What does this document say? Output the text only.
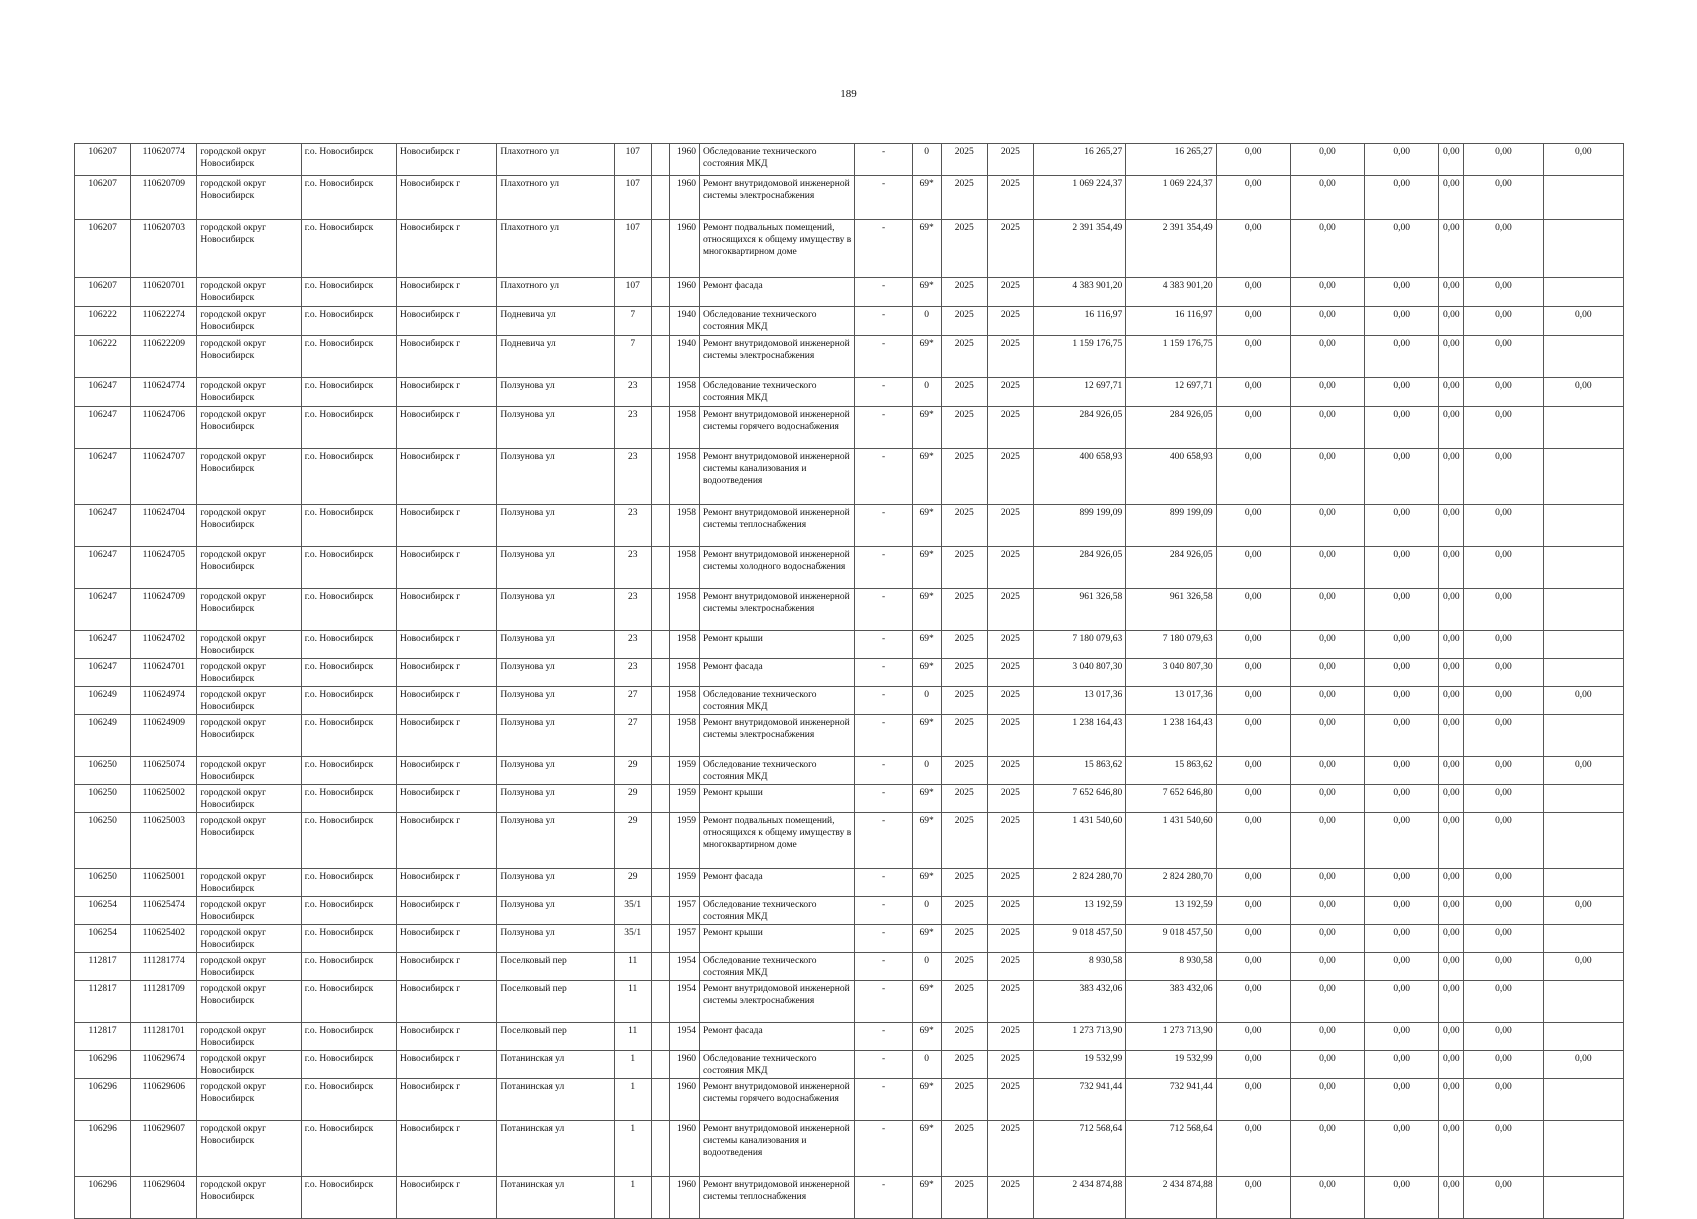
189
106207	110620774	городской округ Новосибирск	г.о. Новосибирск	Новосибирск г	Плахотного ул	107		1960	Обследование технического состояния МКД	-	0	2025	2025	16 265,27	16 265,27	0,00	0,00	0,00	0,00	0,00	0,00
106207	110620709	городской округ Новосибирск	г.о. Новосибирск	Новосибирск г	Плахотного ул	107		1960	Ремонт внутридомовой инженерной системы электроснабжения	-	69*	2025	2025	1 069 224,37	1 069 224,37	0,00	0,00	0,00	0,00	0,00	
106207	110620703	городской округ Новосибирск	г.о. Новосибирск	Новосибирск г	Плахотного ул	107		1960	Ремонт подвальных помещений, относящихся к общему имуществу в многоквартирном доме	-	69*	2025	2025	2 391 354,49	2 391 354,49	0,00	0,00	0,00	0,00	0,00	
106207	110620701	городской округ Новосибирск	г.о. Новосибирск	Новосибирск г	Плахотного ул	107		1960	Ремонт фасада	-	69*	2025	2025	4 383 901,20	4 383 901,20	0,00	0,00	0,00	0,00	0,00	
106222	110622274	городской округ Новосибирск	г.о. Новосибирск	Новосибирск г	Подневича ул	7		1940	Обследование технического состояния МКД	-	0	2025	2025	16 116,97	16 116,97	0,00	0,00	0,00	0,00	0,00	0,00
106222	110622209	городской округ Новосибирск	г.о. Новосибирск	Новосибирск г	Подневича ул	7		1940	Ремонт внутридомовой инженерной системы электроснабжения	-	69*	2025	2025	1 159 176,75	1 159 176,75	0,00	0,00	0,00	0,00	0,00	
106247	110624774	городской округ Новосибирск	г.о. Новосибирск	Новосибирск г	Ползунова ул	23		1958	Обследование технического состояния МКД	-	0	2025	2025	12 697,71	12 697,71	0,00	0,00	0,00	0,00	0,00	0,00
106247	110624706	городской округ Новосибирск	г.о. Новосибирск	Новосибирск г	Ползунова ул	23		1958	Ремонт внутридомовой инженерной системы горячего водоснабжения	-	69*	2025	2025	284 926,05	284 926,05	0,00	0,00	0,00	0,00	0,00	
106247	110624707	городской округ Новосибирск	г.о. Новосибирск	Новосибирск г	Ползунова ул	23		1958	Ремонт внутридомовой инженерной системы канализования и водоотведения	-	69*	2025	2025	400 658,93	400 658,93	0,00	0,00	0,00	0,00	0,00	
106247	110624704	городской округ Новосибирск	г.о. Новосибирск	Новосибирск г	Ползунова ул	23		1958	Ремонт внутридомовой инженерной системы теплоснабжения	-	69*	2025	2025	899 199,09	899 199,09	0,00	0,00	0,00	0,00	0,00	
106247	110624705	городской округ Новосибирск	г.о. Новосибирск	Новосибирск г	Ползунова ул	23		1958	Ремонт внутридомовой инженерной системы холодного водоснабжения	-	69*	2025	2025	284 926,05	284 926,05	0,00	0,00	0,00	0,00	0,00	
106247	110624709	городской округ Новосибирск	г.о. Новосибирск	Новосибирск г	Ползунова ул	23		1958	Ремонт внутридомовой инженерной системы электроснабжения	-	69*	2025	2025	961 326,58	961 326,58	0,00	0,00	0,00	0,00	0,00	
106247	110624702	городской округ Новосибирск	г.о. Новосибирск	Новосибирск г	Ползунова ул	23		1958	Ремонт крыши	-	69*	2025	2025	7 180 079,63	7 180 079,63	0,00	0,00	0,00	0,00	0,00	
106247	110624701	городской округ Новосибирск	г.о. Новосибирск	Новосибирск г	Ползунова ул	23		1958	Ремонт фасада	-	69*	2025	2025	3 040 807,30	3 040 807,30	0,00	0,00	0,00	0,00	0,00	
106249	110624974	городской округ Новосибирск	г.о. Новосибирск	Новосибирск г	Ползунова ул	27		1958	Обследование технического состояния МКД	-	0	2025	2025	13 017,36	13 017,36	0,00	0,00	0,00	0,00	0,00	0,00
106249	110624909	городской округ Новосибирск	г.о. Новосибирск	Новосибирск г	Ползунова ул	27		1958	Ремонт внутридомовой инженерной системы электроснабжения	-	69*	2025	2025	1 238 164,43	1 238 164,43	0,00	0,00	0,00	0,00	0,00	
106250	110625074	городской округ Новосибирск	г.о. Новосибирск	Новосибирск г	Ползунова ул	29		1959	Обследование технического состояния МКД	-	0	2025	2025	15 863,62	15 863,62	0,00	0,00	0,00	0,00	0,00	0,00
106250	110625002	городской округ Новосибирск	г.о. Новосибирск	Новосибирск г	Ползунова ул	29		1959	Ремонт крыши	-	69*	2025	2025	7 652 646,80	7 652 646,80	0,00	0,00	0,00	0,00	0,00	
106250	110625003	городской округ Новосибирск	г.о. Новосибирск	Новосибирск г	Ползунова ул	29		1959	Ремонт подвальных помещений, относящихся к общему имуществу в многоквартирном доме	-	69*	2025	2025	1 431 540,60	1 431 540,60	0,00	0,00	0,00	0,00	0,00	
106250	110625001	городской округ Новосибирск	г.о. Новосибирск	Новосибирск г	Ползунова ул	29		1959	Ремонт фасада	-	69*	2025	2025	2 824 280,70	2 824 280,70	0,00	0,00	0,00	0,00	0,00	
106254	110625474	городской округ Новосибирск	г.о. Новосибирск	Новосибирск г	Ползунова ул	35/1		1957	Обследование технического состояния МКД	-	0	2025	2025	13 192,59	13 192,59	0,00	0,00	0,00	0,00	0,00	0,00
106254	110625402	городской округ Новосибирск	г.о. Новосибирск	Новосибирск г	Ползунова ул	35/1		1957	Ремонт крыши	-	69*	2025	2025	9 018 457,50	9 018 457,50	0,00	0,00	0,00	0,00	0,00	
112817	111281774	городской округ Новосибирск	г.о. Новосибирск	Новосибирск г	Поселковый пер	11		1954	Обследование технического состояния МКД	-	0	2025	2025	8 930,58	8 930,58	0,00	0,00	0,00	0,00	0,00	0,00
112817	111281709	городской округ Новосибирск	г.о. Новосибирск	Новосибирск г	Поселковый пер	11		1954	Ремонт внутридомовой инженерной системы электроснабжения	-	69*	2025	2025	383 432,06	383 432,06	0,00	0,00	0,00	0,00	0,00	
112817	111281701	городской округ Новосибирск	г.о. Новосибирск	Новосибирск г	Поселковый пер	11		1954	Ремонт фасада	-	69*	2025	2025	1 273 713,90	1 273 713,90	0,00	0,00	0,00	0,00	0,00	
106296	110629674	городской округ Новосибирск	г.о. Новосибирск	Новосибирск г	Потанинская ул	1		1960	Обследование технического состояния МКД	-	0	2025	2025	19 532,99	19 532,99	0,00	0,00	0,00	0,00	0,00	0,00
106296	110629606	городской округ Новосибирск	г.о. Новосибирск	Новосибирск г	Потанинская ул	1		1960	Ремонт внутридомовой инженерной системы горячего водоснабжения	-	69*	2025	2025	732 941,44	732 941,44	0,00	0,00	0,00	0,00	0,00	
106296	110629607	городской округ Новосибирск	г.о. Новосибирск	Новосибирск г	Потанинская ул	1		1960	Ремонт внутридомовой инженерной системы канализования и водоотведения	-	69*	2025	2025	712 568,64	712 568,64	0,00	0,00	0,00	0,00	0,00	
106296	110629604	городской округ Новосибирск	г.о. Новосибирск	Новосибирск г	Потанинская ул	1		1960	Ремонт внутридомовой инженерной системы теплоснабжения	-	69*	2025	2025	2 434 874,88	2 434 874,88	0,00	0,00	0,00	0,00	0,00	
